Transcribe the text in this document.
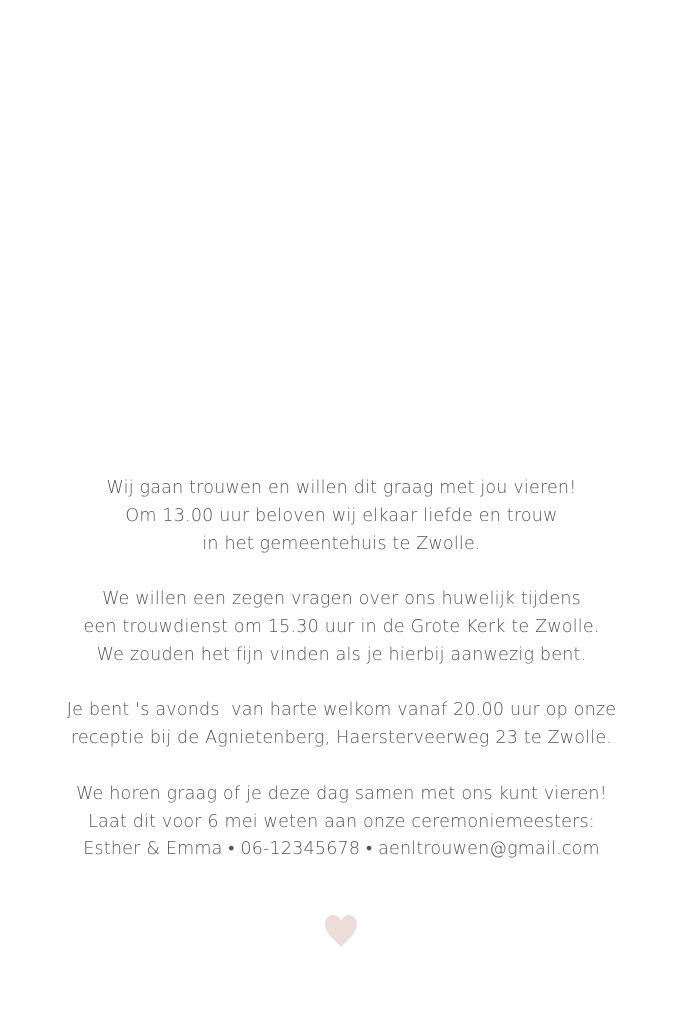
Wij gaan trouwen en willen dit graag met jou vieren!
Om 13.00 uur beloven wij elkaar liefde en trouw
in het gemeentehuis te Zwolle.

We willen een zegen vragen over ons huwelijk tijdens
een trouwdienst om 15.30 uur in de Grote Kerk te Zwolle.
We zouden het fijn vinden als je hierbij aanwezig bent.

Je bent 's avonds  van harte welkom vanaf 20.00 uur op onze
receptie bij de Agnietenberg, Haersterveerweg 23 te Zwolle.

We horen graag of je deze dag samen met ons kunt vieren!
Laat dit voor 6 mei weten aan onze ceremoniemeesters:
Esther & Emma • 06-12345678 • aenltrouwen@gmail.com
